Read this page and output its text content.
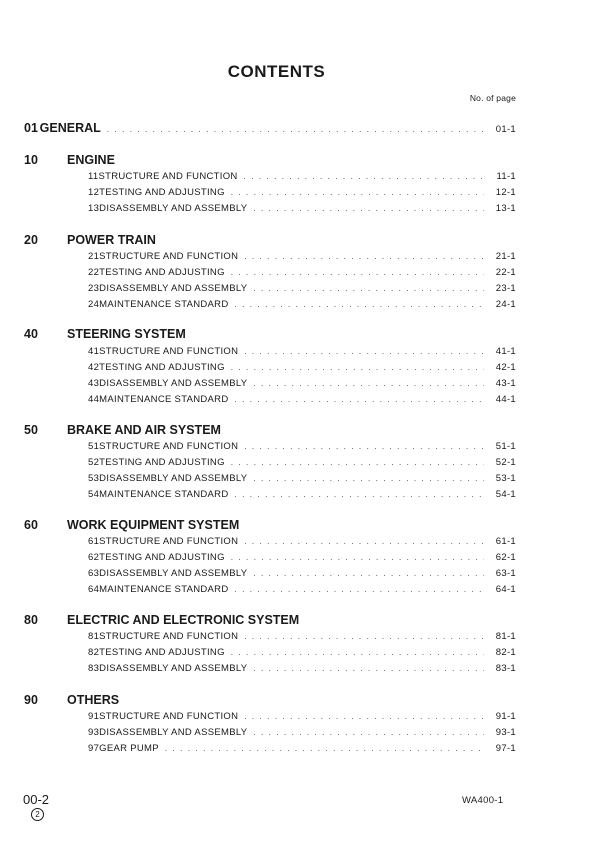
CONTENTS
No. of page
01 GENERAL . . .	01-1
10 ENGINE
11 STRUCTURE AND FUNCTION . . .	11-1
12 TESTING AND ADJUSTING . . .	12-1
13 DISASSEMBLY AND ASSEMBLY . . .	13-1
20 POWER TRAIN
21 STRUCTURE AND FUNCTION . . .	21-1
22 TESTING AND ADJUSTING . . .	22-1
23 DISASSEMBLY AND ASSEMBLY . . .	23-1
24 MAINTENANCE STANDARD . . .	24-1
40 STEERING SYSTEM
41 STRUCTURE AND FUNCTION . . .	41-1
42 TESTING AND ADJUSTING . . .	42-1
43 DISASSEMBLY AND ASSEMBLY . . .	43-1
44 MAINTENANCE STANDARD . . .	44-1
50 BRAKE AND AIR SYSTEM
51 STRUCTURE AND FUNCTION . . .	51-1
52 TESTING AND ADJUSTING . . .	52-1
53 DISASSEMBLY AND ASSEMBLY . . .	53-1
54 MAINTENANCE STANDARD . . .	54-1
60 WORK EQUIPMENT SYSTEM
61 STRUCTURE AND FUNCTION . . .	61-1
62 TESTING AND ADJUSTING . . .	62-1
63 DISASSEMBLY AND ASSEMBLY . . .	63-1
64 MAINTENANCE STANDARD . . .	64-1
80 ELECTRIC AND ELECTRONIC SYSTEM
81 STRUCTURE AND FUNCTION . . .	81-1
82 TESTING AND ADJUSTING . . .	82-1
83 DISASSEMBLY AND ASSEMBLY . . .	83-1
90 OTHERS
91 STRUCTURE AND FUNCTION . . .	91-1
93 DISASSEMBLY AND ASSEMBLY . . .	93-1
97 GEAR PUMP . . .	97-1
00-2
2
WA400-1
